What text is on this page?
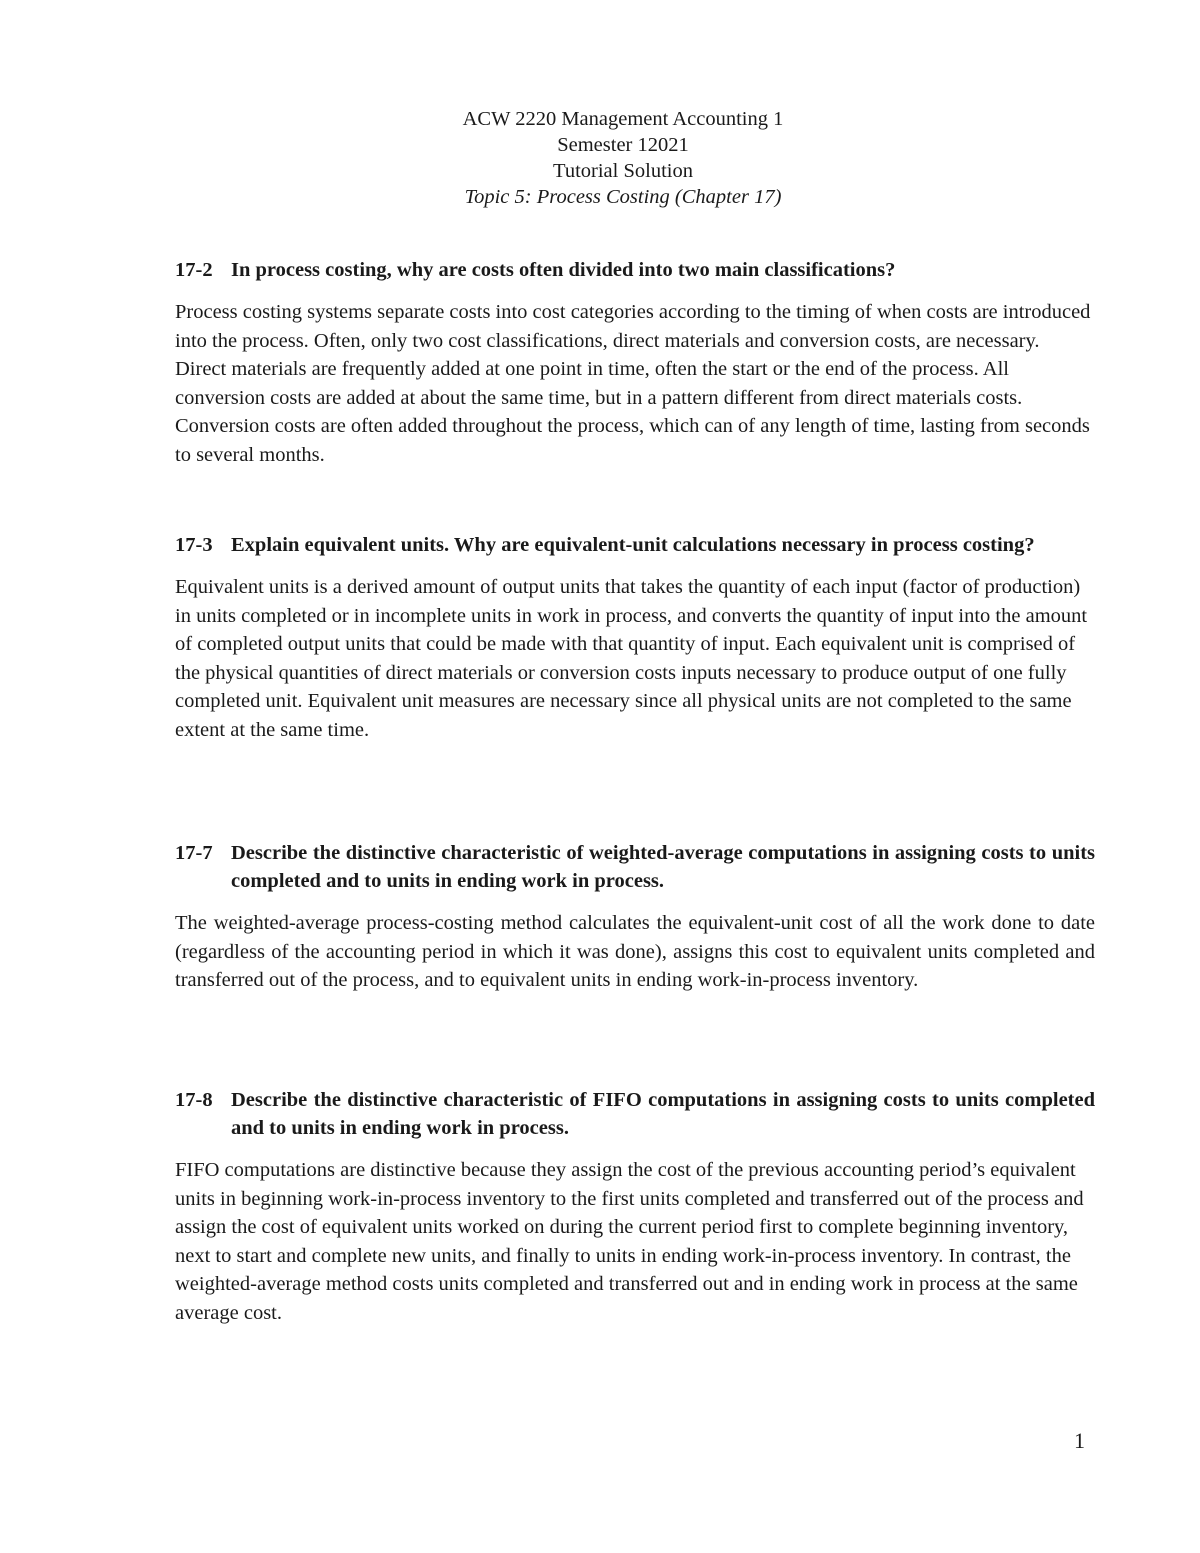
ACW 2220 Management Accounting 1
Semester 12021
Tutorial Solution
Topic 5: Process Costing (Chapter 17)
17-2 In process costing, why are costs often divided into two main classifications?
Process costing systems separate costs into cost categories according to the timing of when costs are introduced into the process. Often, only two cost classifications, direct materials and conversion costs, are necessary. Direct materials are frequently added at one point in time, often the start or the end of the process. All conversion costs are added at about the same time, but in a pattern different from direct materials costs. Conversion costs are often added throughout the process, which can of any length of time, lasting from seconds to several months.
17-3 Explain equivalent units. Why are equivalent-unit calculations necessary in process costing?
Equivalent units is a derived amount of output units that takes the quantity of each input (factor of production) in units completed or in incomplete units in work in process, and converts the quantity of input into the amount of completed output units that could be made with that quantity of input. Each equivalent unit is comprised of the physical quantities of direct materials or conversion costs inputs necessary to produce output of one fully completed unit. Equivalent unit measures are necessary since all physical units are not completed to the same extent at the same time.
17-7 Describe the distinctive characteristic of weighted-average computations in assigning costs to units completed and to units in ending work in process.
The weighted-average process-costing method calculates the equivalent-unit cost of all the work done to date (regardless of the accounting period in which it was done), assigns this cost to equivalent units completed and transferred out of the process, and to equivalent units in ending work-in-process inventory.
17-8 Describe the distinctive characteristic of FIFO computations in assigning costs to units completed and to units in ending work in process.
FIFO computations are distinctive because they assign the cost of the previous accounting period’s equivalent units in beginning work-in-process inventory to the first units completed and transferred out of the process and assign the cost of equivalent units worked on during the current period first to complete beginning inventory, next to start and complete new units, and finally to units in ending work-in-process inventory. In contrast, the weighted-average method costs units completed and transferred out and in ending work in process at the same average cost.
1
